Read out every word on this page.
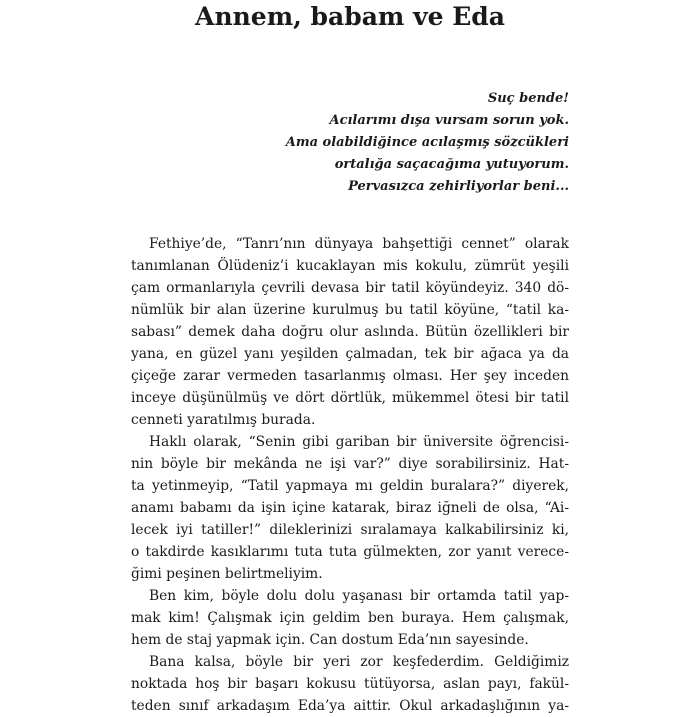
Annem, babam ve Eda
Suç bende!
Acılarımı dışa vursam sorun yok.
Ama olabildiğince acılaşmış sözcükleri
ortalığa saçacağıma yutuyorum.
Pervasızca zehirliyorlar beni...
Fethiye’de, “Tanrı’nın dünyaya bahşettiği cennet” olarak
tanımlanan Ölüdeniz’i kucaklayan mis kokulu, zümrüt yeşili
çam ormanlarıyla çevrili devasa bir tatil köyündeyiz. 340 dö-
nümlük bir alan üzerine kurulmuş bu tatil köyüne, “tatil ka-
sabası” demek daha doğru olur aslında. Bütün özellikleri bir
yana, en güzel yanı yeşilden çalmadan, tek bir ağaca ya da
çiçeğe zarar vermeden tasarlanmış olması. Her şey inceden
inceye düşünülmüş ve dört dörtlük, mükemmel ötesi bir tatil
cenneti yaratılmış burada.
Haklı olarak, “Senin gibi gariban bir üniversite öğrencisi-
nin böyle bir mekânda ne işi var?” diye sorabilirsiniz. Hat-
ta yetinmeyip, “Tatil yapmaya mı geldin buralara?” diyerek,
anamı babamı da işin içine katarak, biraz iğneli de olsa, “Ai-
lecek iyi tatiller!” dileklerinizi sıralamaya kalkabilirsiniz ki,
o takdirde kasıklarımı tuta tuta gülmekten, zor yanıt verece-
ğimi peşinen belirtmeliyim.
Ben kim, böyle dolu dolu yaşanası bir ortamda tatil yap-
mak kim! Çalışmak için geldim ben buraya. Hem çalışmak,
hem de staj yapmak için. Can dostum Eda’nın sayesinde.
Bana kalsa, böyle bir yeri zor keşfederdim. Geldiğimiz
noktada hoş bir başarı kokusu tütüyorsa, aslan payı, fakül-
teden sınıf arkadaşım Eda’ya aittir. Okul arkadaşlığının ya-
